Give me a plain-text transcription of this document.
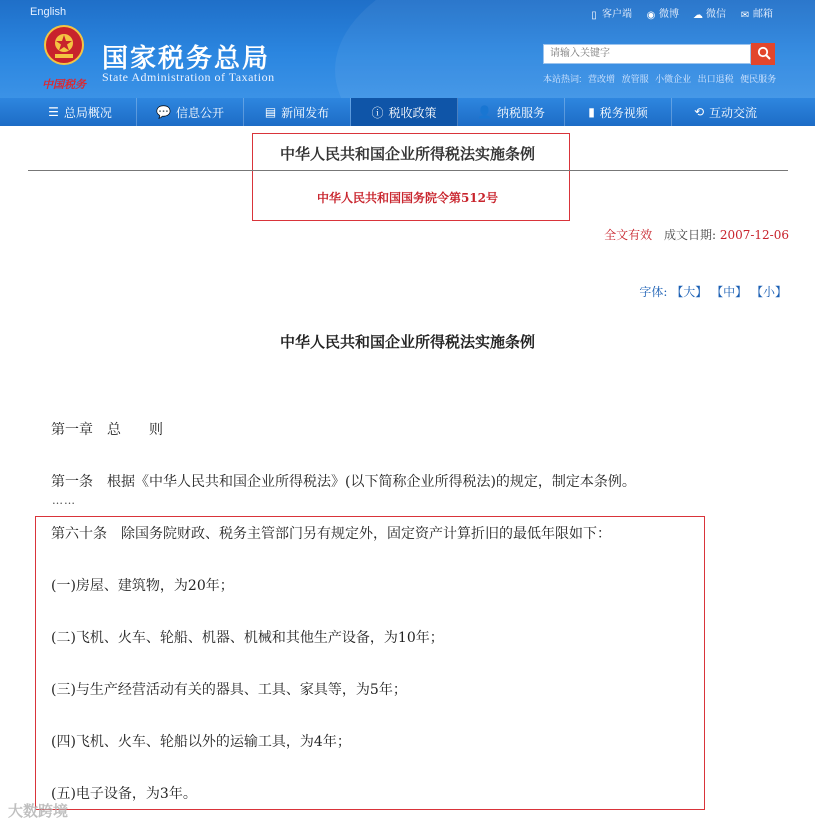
English	▯ 客户端 ◉ 微博 ☁ 微信 ✉ 邮箱
中国税务
国家税务总局
State Administration of Taxation
请输入关键字	本站热词: 营改增 放管服 小微企业 出口退税 便民服务
☰ 总局概况	💬 信息公开	▤ 新闻发布	ⓘ 税收政策	👤 纳税服务	▮ 税务视频	⟲ 互动交流
中华人民共和国企业所得税法实施条例
中华人民共和国国务院令第512号
全文有效 成文日期: 2007-12-06
字体: 【大】 【中】 【小】
中华人民共和国企业所得税法实施条例
第一章　总　　则
第一条　根据《中华人民共和国企业所得税法》(以下简称企业所得税法)的规定，制定本条例。
……
第六十条　除国务院财政、税务主管部门另有规定外，固定资产计算折旧的最低年限如下：
(一)房屋、建筑物，为20年；
(二)飞机、火车、轮船、机器、机械和其他生产设备，为10年；
(三)与生产经营活动有关的器具、工具、家具等，为5年；
(四)飞机、火车、轮船以外的运输工具，为4年；
(五)电子设备，为3年。
大数跨境
